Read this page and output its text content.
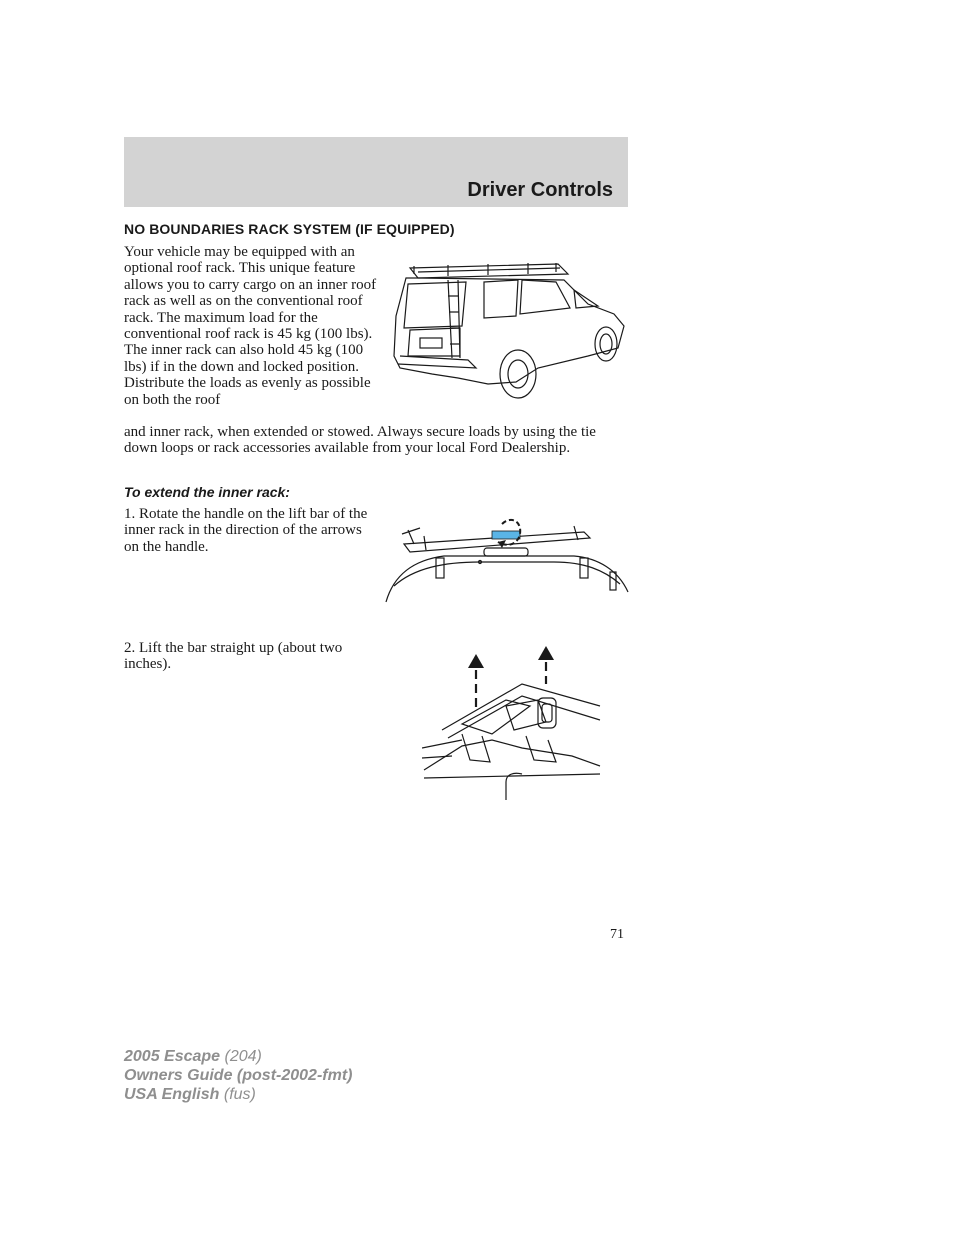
Driver Controls
NO BOUNDARIES RACK SYSTEM (IF EQUIPPED)
Your vehicle may be equipped with an optional roof rack. This unique feature allows you to carry cargo on an inner roof rack as well as on the conventional roof rack. The maximum load for the conventional roof rack is 45 kg (100 lbs). The inner rack can also hold 45 kg (100 lbs) if in the down and locked position. Distribute the loads as evenly as possible on both the roof
and inner rack, when extended or stowed. Always secure loads by using the tie down loops or rack accessories available from your local Ford Dealership.
To extend the inner rack:
1. Rotate the handle on the lift bar of the inner rack in the direction of the arrows on the handle.
2. Lift the bar straight up (about two inches).
71
2005 Escape (204)
Owners Guide (post-2002-fmt)
USA English (fus)
